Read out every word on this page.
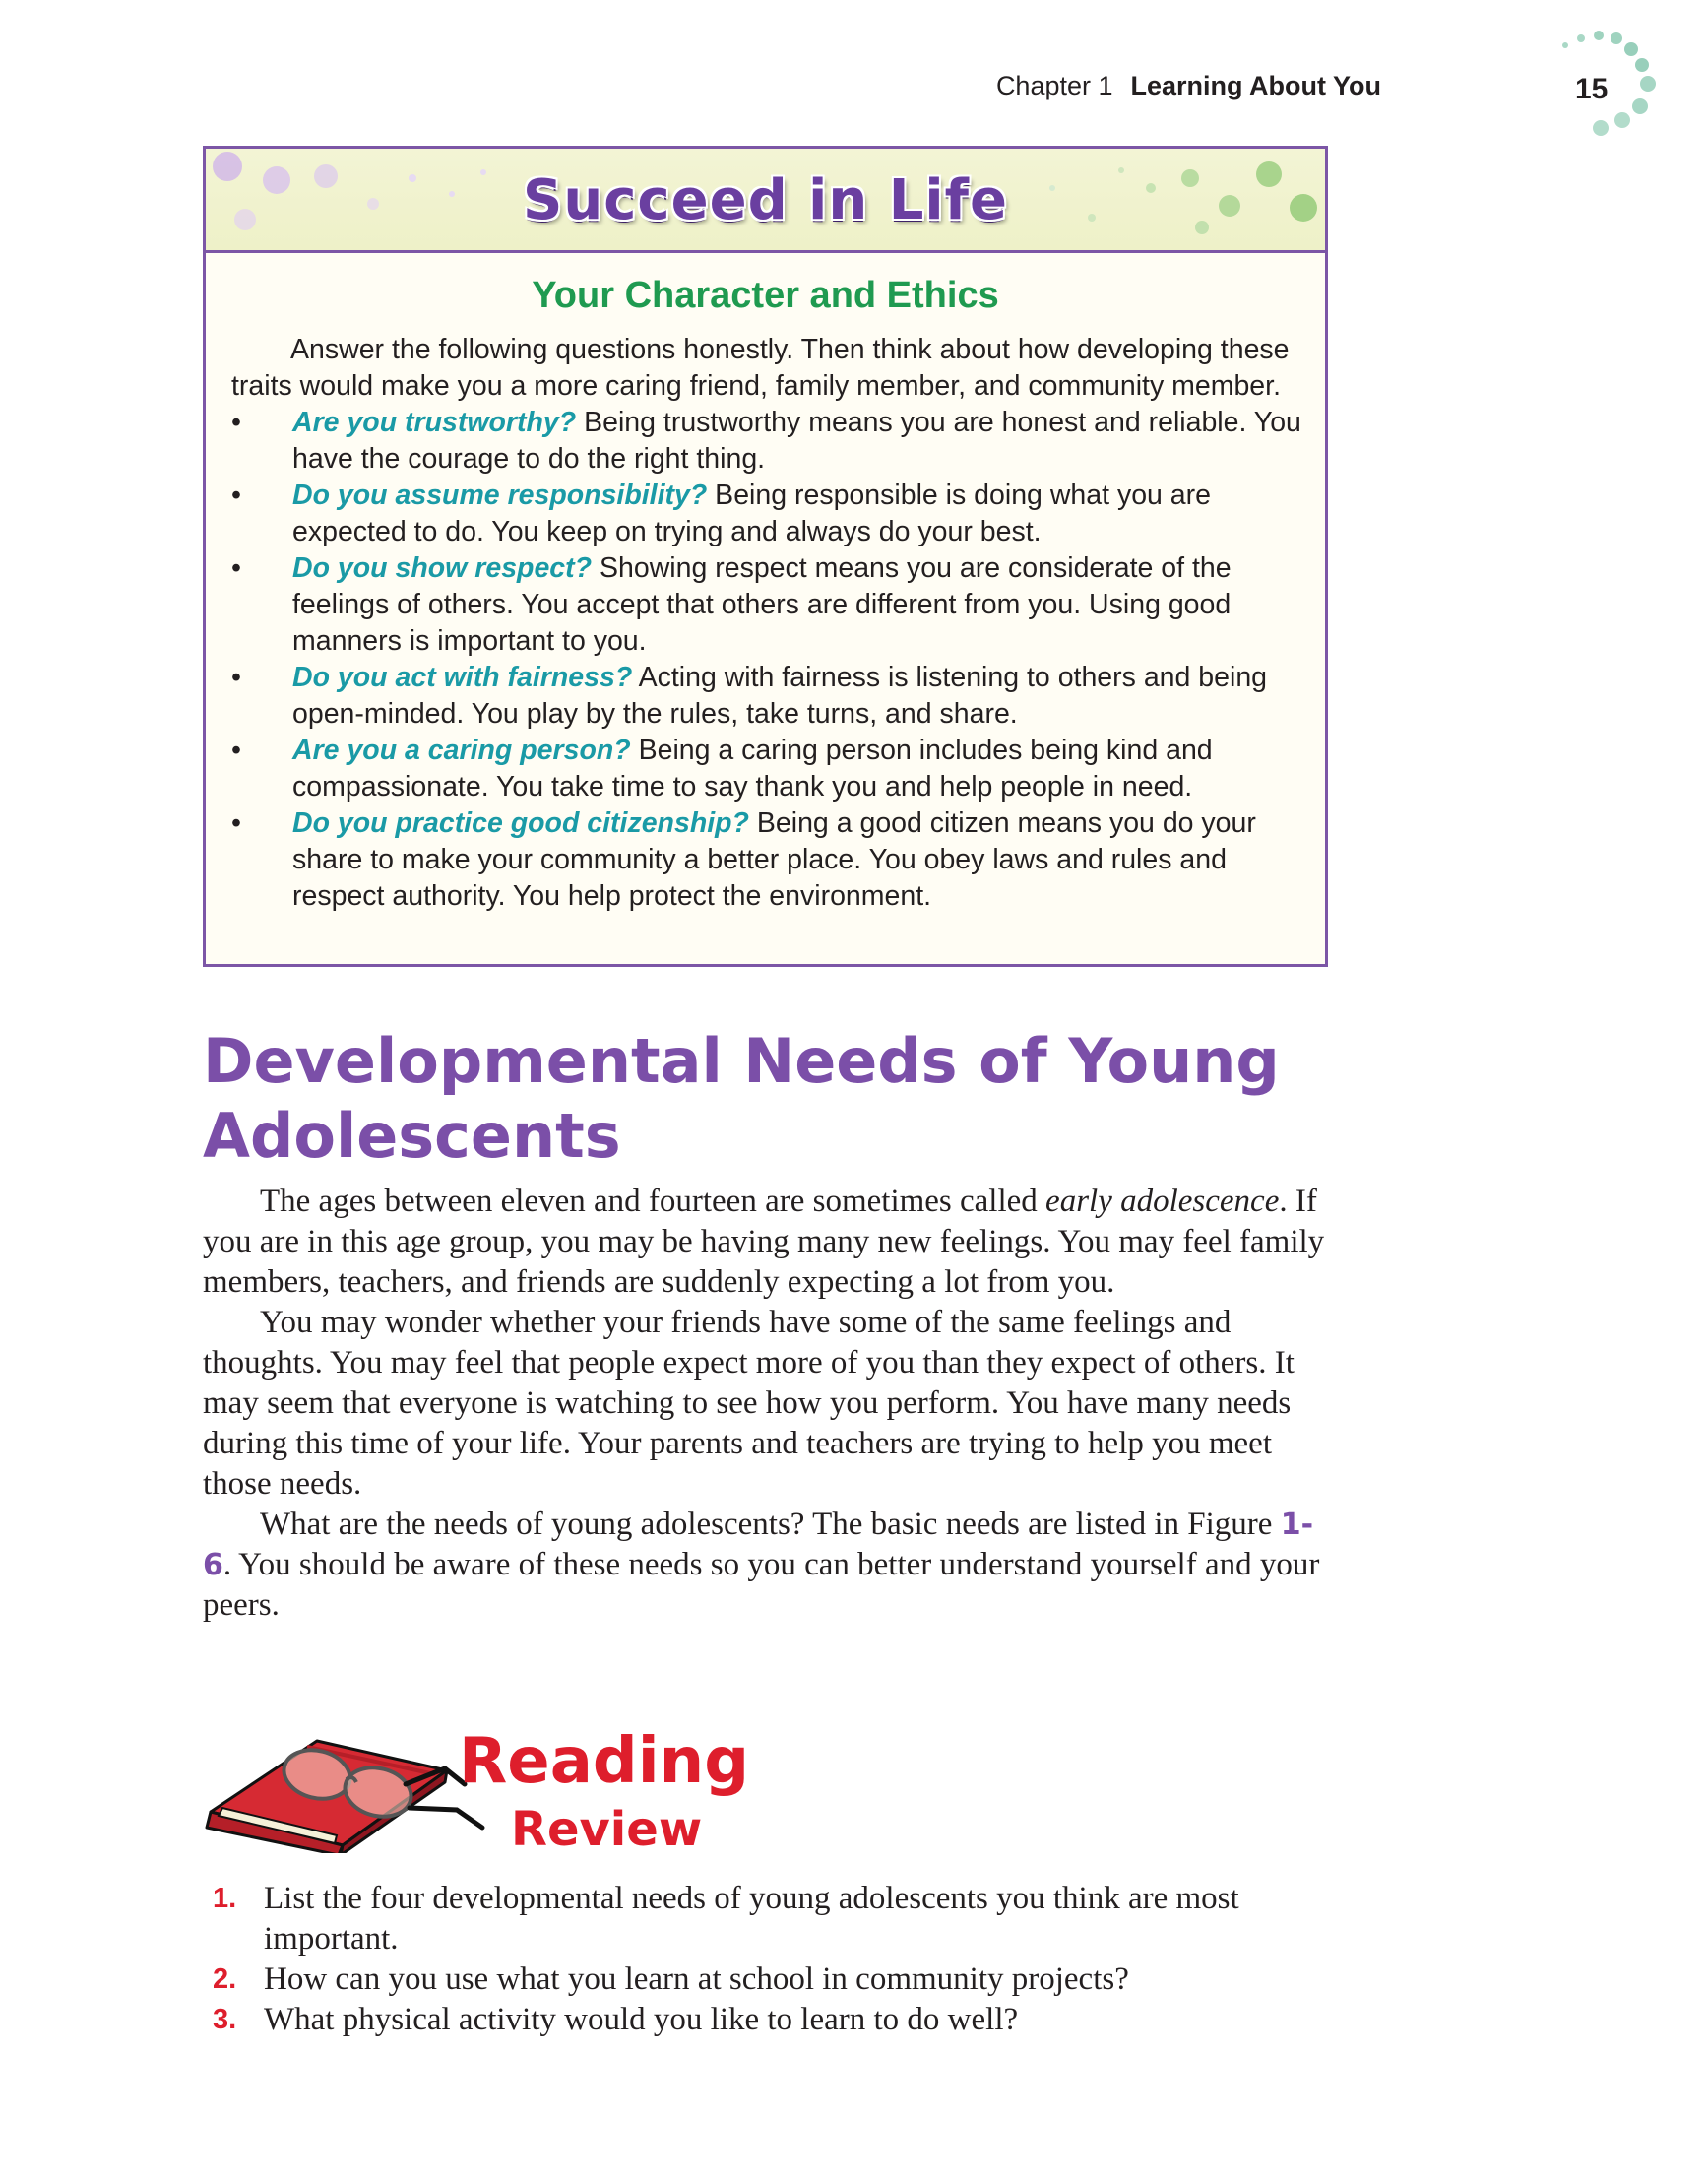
Chapter 1 Learning About You	15
Succeed in Life
Your Character and Ethics

Answer the following questions honestly. Then think about how developing these traits would make you a more caring friend, family member, and community member.

•	Are you trustworthy? Being trustworthy means you are honest and reliable. You have the courage to do the right thing.
•	Do you assume responsibility? Being responsible is doing what you are expected to do. You keep on trying and always do your best.
•	Do you show respect? Showing respect means you are considerate of the feelings of others. You accept that others are different from you. Using good manners is important to you.
•	Do you act with fairness? Acting with fairness is listening to others and being open-minded. You play by the rules, take turns, and share.
•	Are you a caring person? Being a caring person includes being kind and compassionate. You take time to say thank you and help people in need.
•	Do you practice good citizenship? Being a good citizen means you do your share to make your community a better place. You obey laws and rules and respect authority. You help protect the environment.
Developmental Needs of Young
Adolescents

The ages between eleven and fourteen are sometimes called early adolescence. If you are in this age group, you may be having many new feelings. You may feel family members, teachers, and friends are suddenly expecting a lot from you.

You may wonder whether your friends have some of the same feelings and thoughts. You may feel that people expect more of you than they expect of others. It may seem that everyone is watching to see how you perform. You have many needs during this time of your life. Your parents and teachers are trying to help you meet those needs.

What are the needs of young adolescents? The basic needs are listed in Figure 1-6. You should be aware of these needs so you can better understand yourself and your peers.

Reading
Review
1. List the four developmental needs of young adolescents you think are most important.
2. How can you use what you learn at school in community projects?
3. What physical activity would you like to learn to do well?
